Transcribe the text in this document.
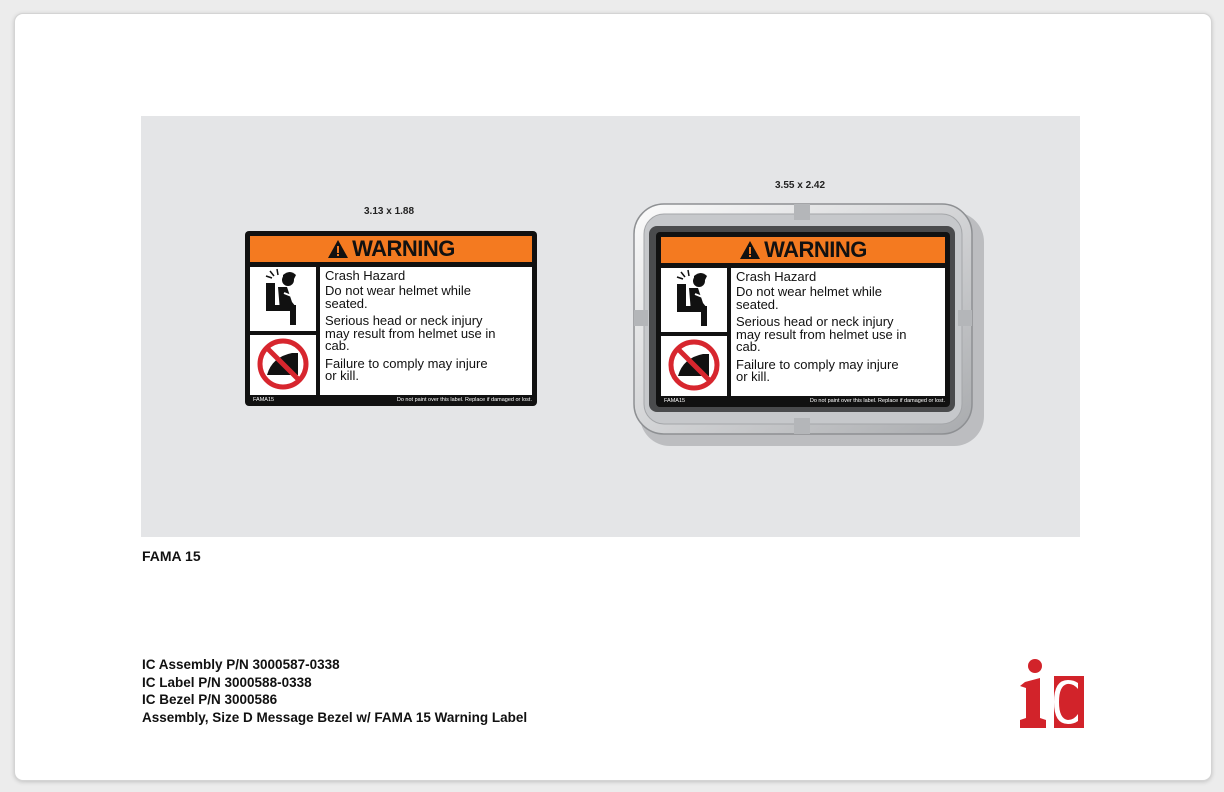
3.13 x 1.88
WARNING

Crash Hazard

Do not wear helmet while

seated.

Serious head or neck injury

may result from helmet use in

cab.

Failure to comply may injure

or kill.

FAMA15	Do not paint over this label. Replace if damaged or lost.
3.55 x 2.42
WARNING

Crash Hazard

Do not wear helmet while

seated.

Serious head or neck injury

may result from helmet use in

cab.

Failure to comply may injure

or kill.

FAMA15	Do not paint over this label. Replace if damaged or lost.
FAMA 15
IC Assembly P/N 3000587-0338
IC Label P/N 3000588-0338
IC Bezel P/N 3000586
Assembly, Size D Message Bezel w/ FAMA 15 Warning Label
